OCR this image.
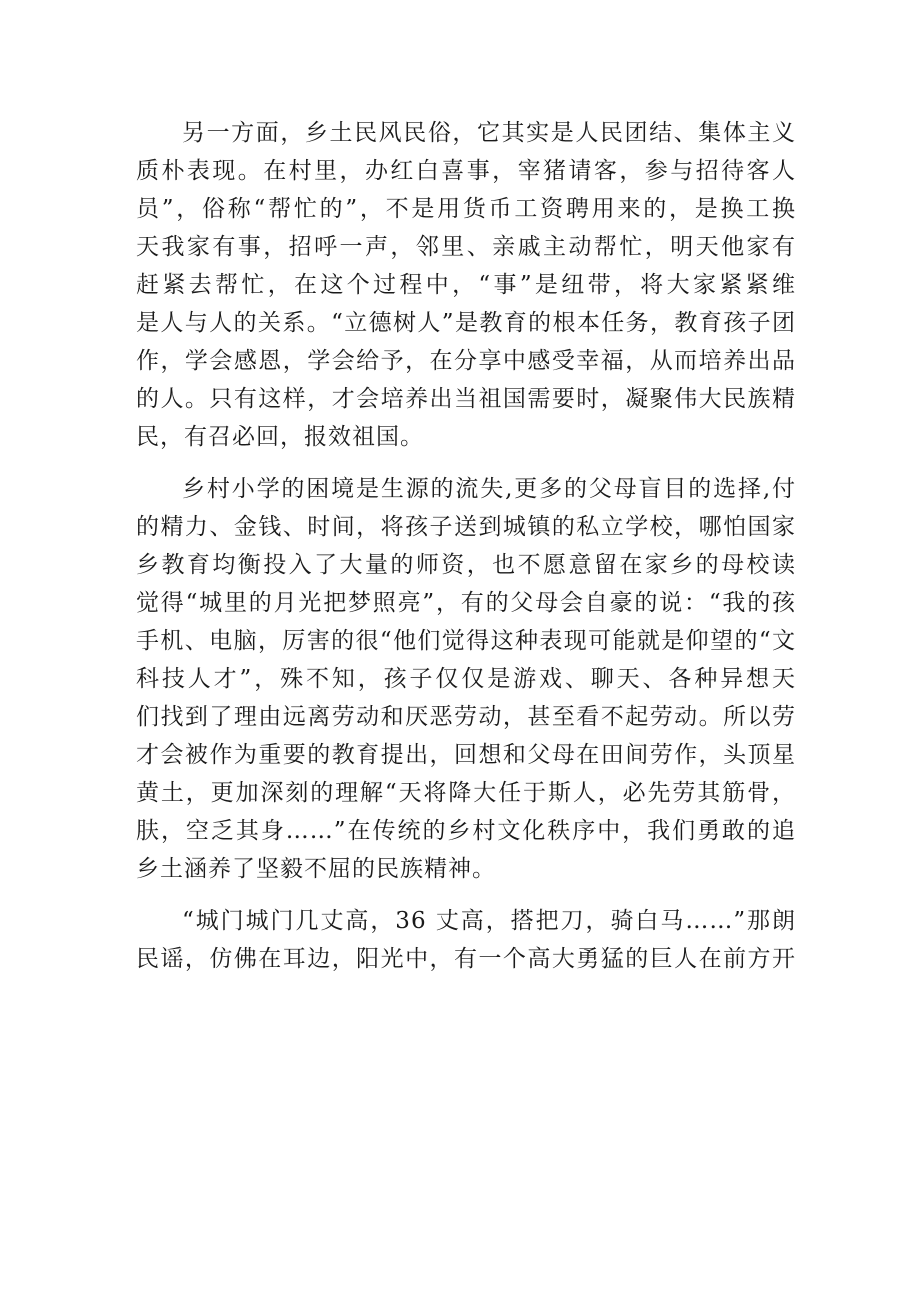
另一方面，乡土民风民俗，它其实是人民团结、集体主义
质朴表现。在村里，办红白喜事，宰猪请客，参与招待客人
员”，俗称“帮忙的”，不是用货币工资聘用来的，是换工换
天我家有事，招呼一声，邻里、亲戚主动帮忙，明天他家有
赶紧去帮忙，在这个过程中，“事”是纽带，将大家紧紧维
是人与人的关系。“立德树人”是教育的根本任务，教育孩子团
作，学会感恩，学会给予，在分享中感受幸福，从而培养出品
的人。只有这样，才会培养出当祖国需要时，凝聚伟大民族精
民，有召必回，报效祖国。
乡村小学的困境是生源的流失,更多的父母盲目的选择,付
的精力、金钱、时间，将孩子送到城镇的私立学校，哪怕国家
乡教育均衡投入了大量的师资，也不愿意留在家乡的母校读
觉得“城里的月光把梦照亮”，有的父母会自豪的说：“我的孩
手机、电脑，厉害的很“他们觉得这种表现可能就是仰望的“文
科技人才”，殊不知，孩子仅仅是游戏、聊天、各种异想天
们找到了理由远离劳动和厌恶劳动，甚至看不起劳动。所以劳
才会被作为重要的教育提出，回想和父母在田间劳作，头顶星
黄土，更加深刻的理解“天将降大任于斯人，必先劳其筋骨，
肤，空乏其身……”在传统的乡村文化秩序中，我们勇敢的追
乡土涵养了坚毅不屈的民族精神。
“城门城门几丈高，36 丈高，搭把刀，骑白马……”那朗
民谣，仿佛在耳边，阳光中，有一个高大勇猛的巨人在前方开
